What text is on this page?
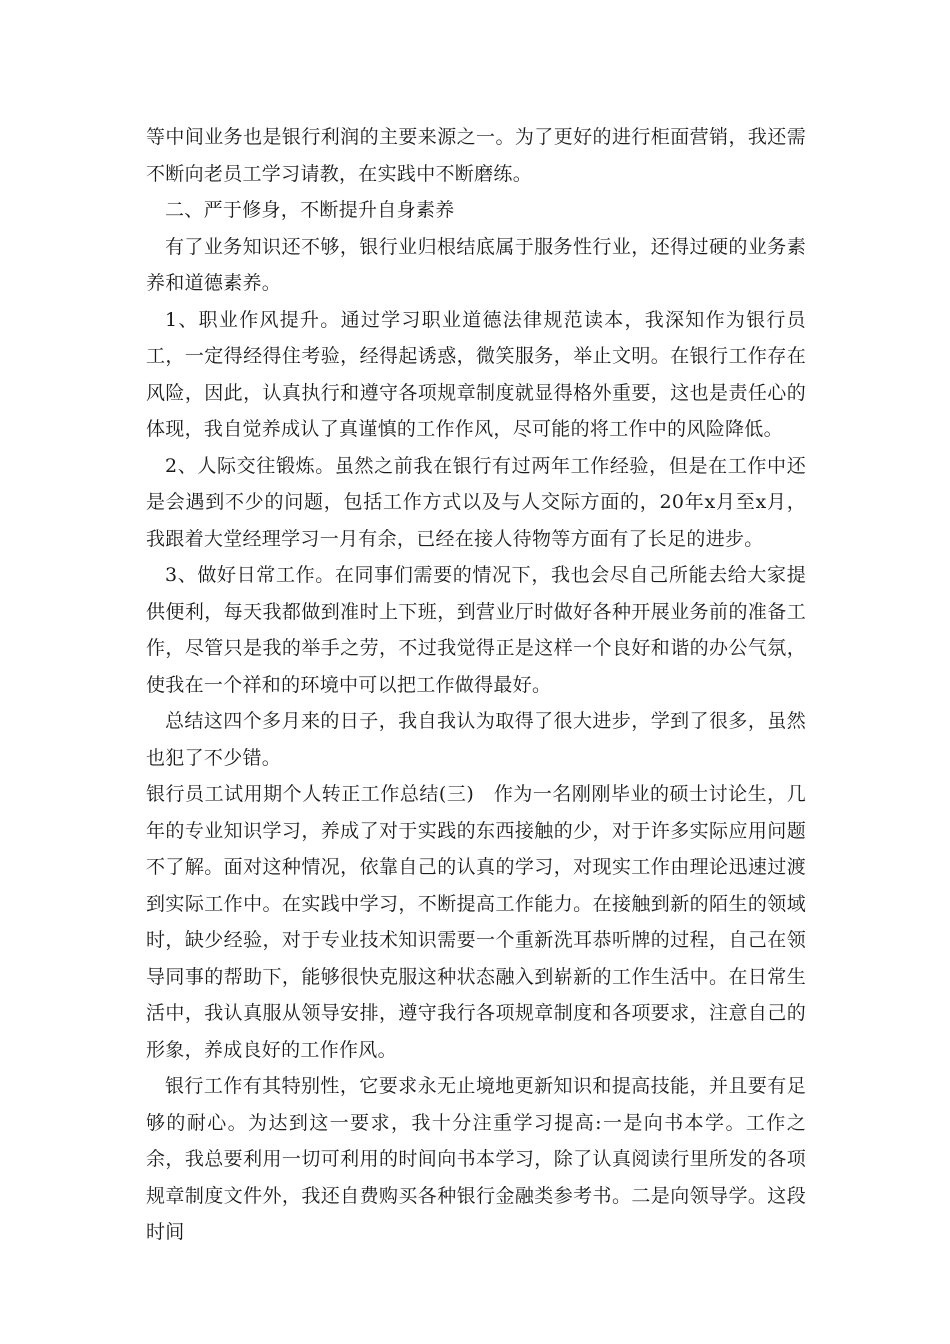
等中间业务也是银行利润的主要来源之一。为了更好的进行柜面营销，我还需不断向老员工学习请教，在实践中不断磨练。

二、严于修身，不断提升自身素养

有了业务知识还不够，银行业归根结底属于服务性行业，还得过硬的业务素养和道德素养。

1、职业作风提升。通过学习职业道德法律规范读本，我深知作为银行员工，一定得经得住考验，经得起诱惑，微笑服务，举止文明。在银行工作存在风险，因此，认真执行和遵守各项规章制度就显得格外重要，这也是责任心的体现，我自觉养成认了真谨慎的工作作风，尽可能的将工作中的风险降低。

2、人际交往锻炼。虽然之前我在银行有过两年工作经验，但是在工作中还是会遇到不少的问题，包括工作方式以及与人交际方面的，20年x月至x月，我跟着大堂经理学习一月有余，已经在接人待物等方面有了长足的进步。

3、做好日常工作。在同事们需要的情况下，我也会尽自己所能去给大家提供便利，每天我都做到准时上下班，到营业厅时做好各种开展业务前的准备工作，尽管只是我的举手之劳，不过我觉得正是这样一个良好和谐的办公气氛，使我在一个祥和的环境中可以把工作做得最好。

总结这四个多月来的日子，我自我认为取得了很大进步，学到了很多，虽然也犯了不少错。

银行员工试用期个人转正工作总结(三)　作为一名刚刚毕业的硕士讨论生，几年的专业知识学习，养成了对于实践的东西接触的少，对于许多实际应用问题不了解。面对这种情况，依靠自己的认真的学习，对现实工作由理论迅速过渡到实际工作中。在实践中学习，不断提高工作能力。在接触到新的陌生的领域时，缺少经验，对于专业技术知识需要一个重新洗耳恭听牌的过程，自己在领导同事的帮助下，能够很快克服这种状态融入到崭新的工作生活中。在日常生活中，我认真服从领导安排，遵守我行各项规章制度和各项要求，注意自己的形象，养成良好的工作作风。

银行工作有其特别性，它要求永无止境地更新知识和提高技能，并且要有足够的耐心。为达到这一要求，我十分注重学习提高:一是向书本学。工作之余，我总要利用一切可利用的时间向书本学习，除了认真阅读行里所发的各项规章制度文件外，我还自费购买各种银行金融类参考书。二是向领导学。这段时间
